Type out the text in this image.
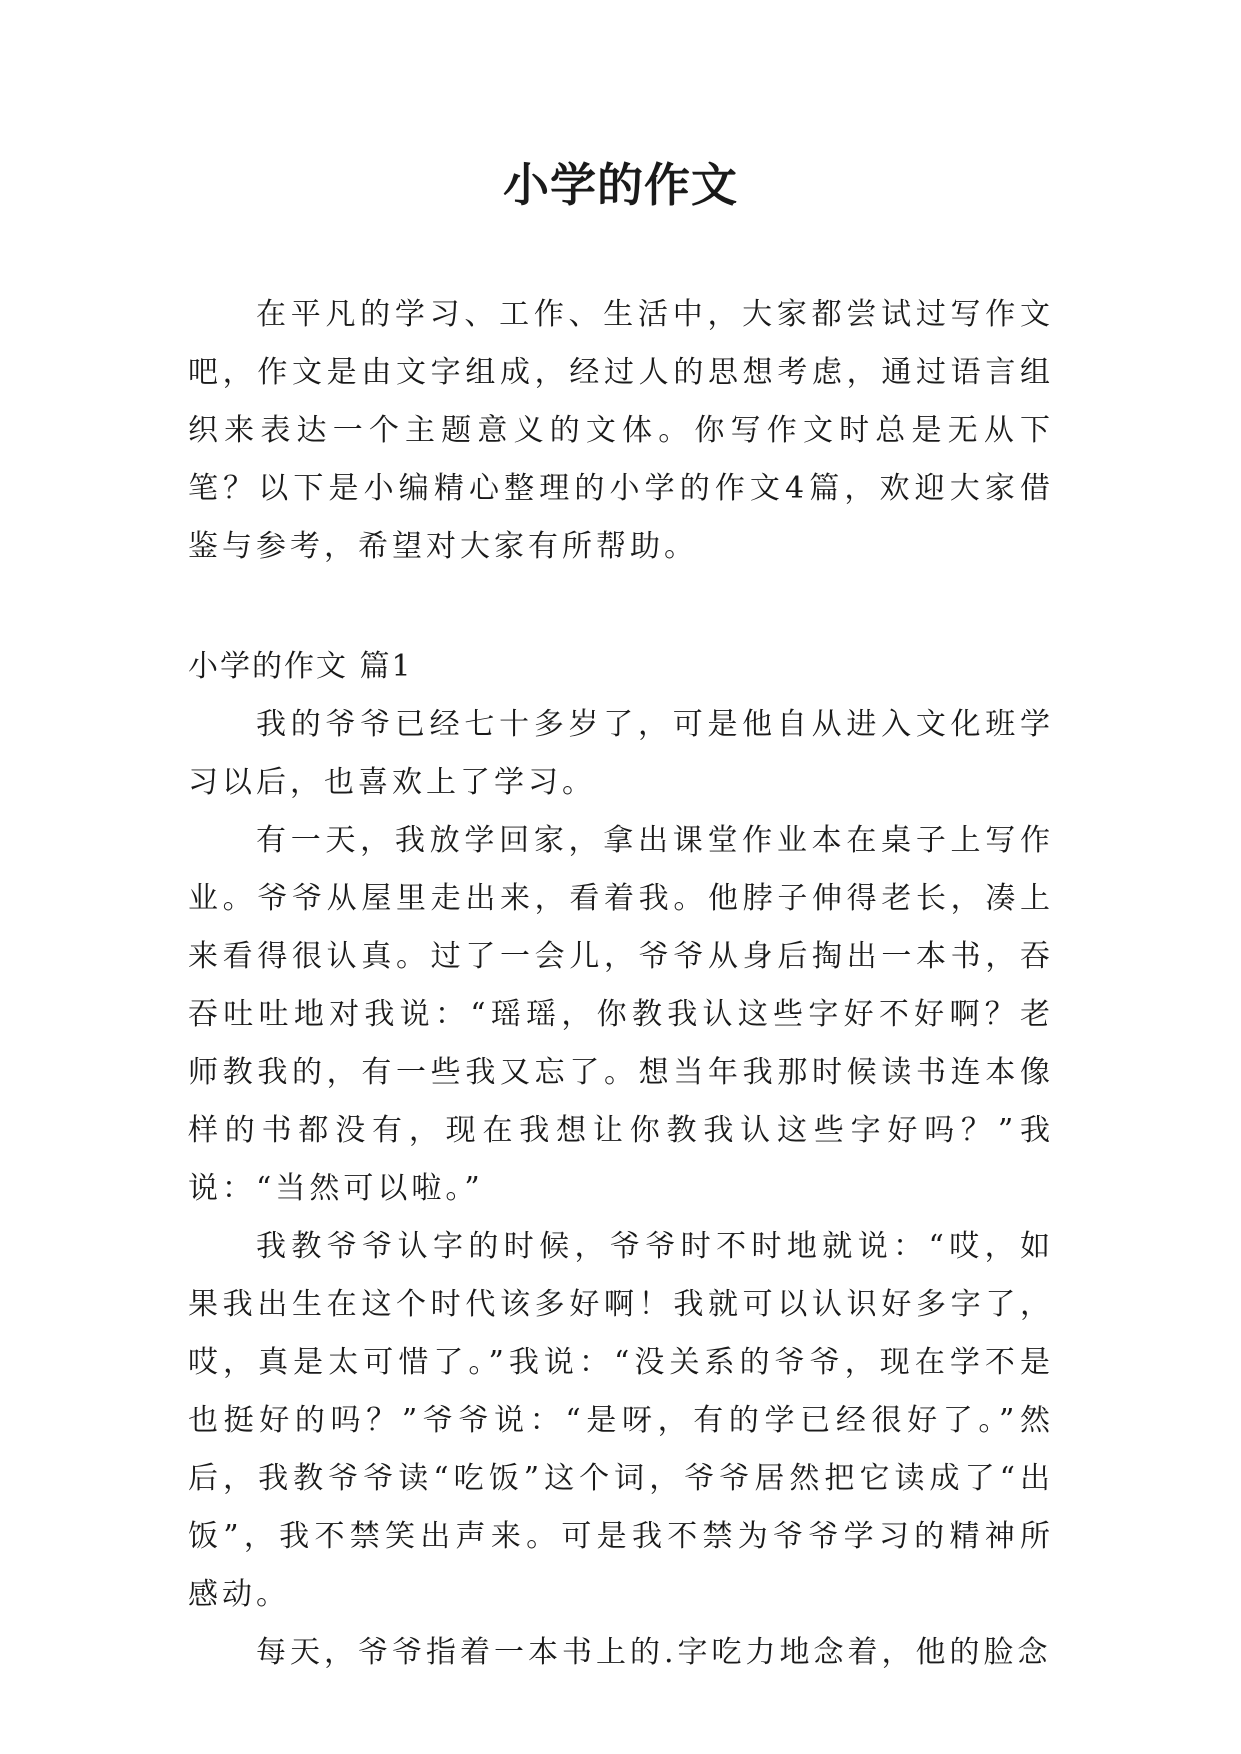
小学的作文

在平凡的学习、工作、生活中，大家都尝试过写作文吧，作文是由文字组成，经过人的思想考虑，通过语言组织来表达一个主题意义的文体。你写作文时总是无从下笔？以下是小编精心整理的小学的作文4篇，欢迎大家借鉴与参考，希望对大家有所帮助。

小学的作文 篇1

我的爷爷已经七十多岁了，可是他自从进入文化班学习以后，也喜欢上了学习。

有一天，我放学回家，拿出课堂作业本在桌子上写作业。爷爷从屋里走出来，看着我。他脖子伸得老长，凑上来看得很认真。过了一会儿，爷爷从身后掏出一本书，吞吞吐吐地对我说：“瑶瑶，你教我认这些字好不好啊？老师教我的，有一些我又忘了。想当年我那时候读书连本像样的书都没有，现在我想让你教我认这些字好吗？”我说：“当然可以啦。”

我教爷爷认字的时候，爷爷时不时地就说：“哎，如果我出生在这个时代该多好啊！我就可以认识好多字了，哎，真是太可惜了。”我说：“没关系的爷爷，现在学不是也挺好的吗？”爷爷说：“是呀，有的学已经很好了。”然后，我教爷爷读“吃饭”这个词，爷爷居然把它读成了“出饭”，我不禁笑出声来。可是我不禁为爷爷学习的精神所感动。

每天，爷爷指着一本书上的.字吃力地念着，他的脸念
